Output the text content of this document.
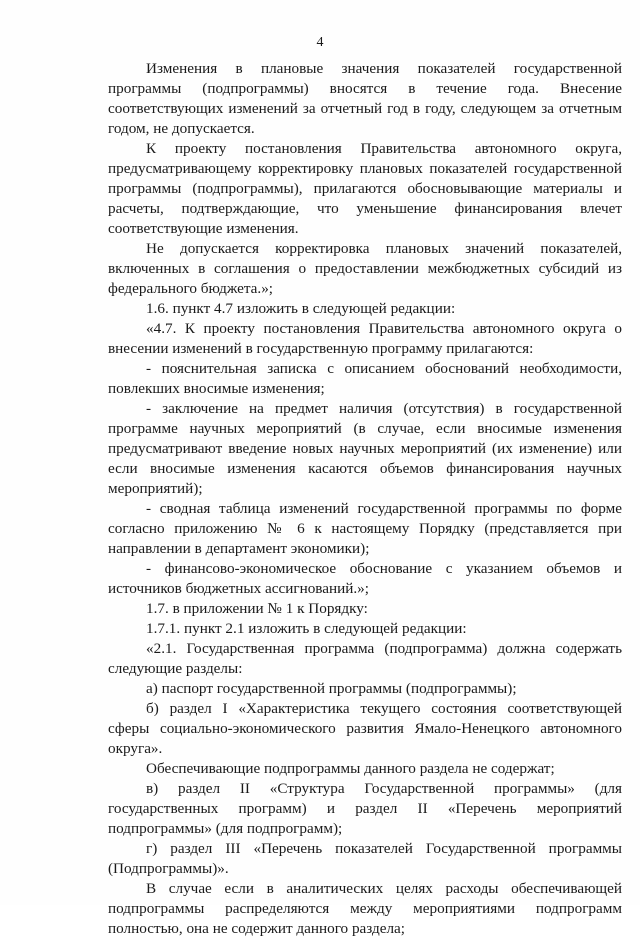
4

Изменения в плановые значения показателей государственной программы (подпрограммы) вносятся в течение года. Внесение соответствующих изменений за отчетный год в году, следующем за отчетным годом, не допускается.

К проекту постановления Правительства автономного округа, предусматривающему корректировку плановых показателей государственной программы (подпрограммы), прилагаются обосновывающие материалы и расчеты, подтверждающие, что уменьшение финансирования влечет соответствующие изменения.

Не допускается корректировка плановых значений показателей, включенных в соглашения о предоставлении межбюджетных субсидий из федерального бюджета.»;

1.6. пункт 4.7 изложить в следующей редакции:

«4.7. К проекту постановления Правительства автономного округа о внесении изменений в государственную программу прилагаются:

- пояснительная записка с описанием обоснований необходимости, повлекших вносимые изменения;

- заключение на предмет наличия (отсутствия) в государственной программе научных мероприятий (в случае, если вносимые изменения предусматривают введение новых научных мероприятий (их изменение) или если вносимые изменения касаются объемов финансирования научных мероприятий);

- сводная таблица изменений государственной программы по форме согласно приложению № 6 к настоящему Порядку (представляется при направлении в департамент экономики);

- финансово-экономическое обоснование с указанием объемов и источников бюджетных ассигнований.»;

1.7. в приложении № 1 к Порядку:

1.7.1. пункт 2.1 изложить в следующей редакции:

«2.1. Государственная программа (подпрограмма) должна содержать следующие разделы:

а) паспорт государственной программы (подпрограммы);

б) раздел I «Характеристика текущего состояния соответствующей сферы социально-экономического развития Ямало-Ненецкого автономного округа».

Обеспечивающие подпрограммы данного раздела не содержат;

в) раздел II «Структура Государственной программы» (для государственных программ) и раздел II «Перечень мероприятий подпрограммы» (для подпрограмм);

г) раздел III «Перечень показателей Государственной программы (Подпрограммы)».

В случае если в аналитических целях расходы обеспечивающей подпрограммы распределяются между мероприятиями подпрограмм полностью, она не содержит данного раздела;
